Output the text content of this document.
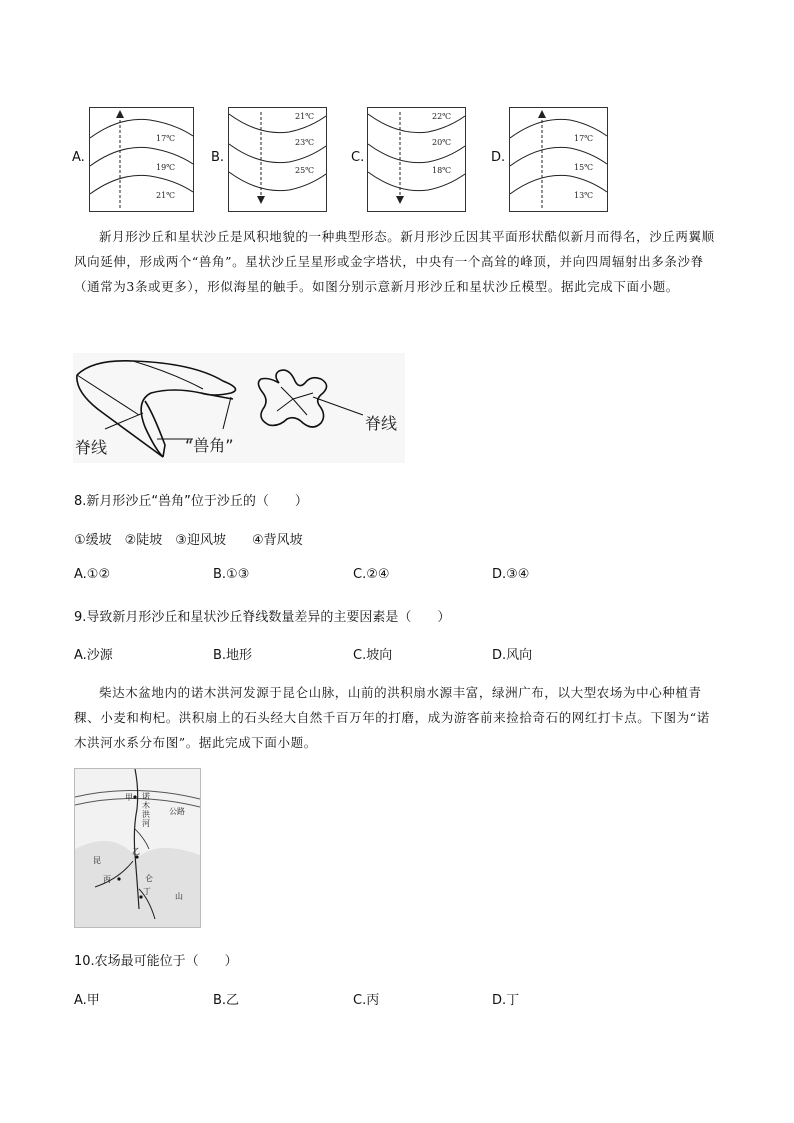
A.
17℃
19℃
21℃
B.
21℃
23℃
25℃
C.
22℃
20℃
18℃
D.
17℃
15℃
13℃

新月形沙丘和星状沙丘是风积地貌的一种典型形态。新月形沙丘因其平面形状酷似新月而得名，沙丘两翼顺风向延伸，形成两个“兽角”。星状沙丘呈星形或金字塔状，中央有一个高耸的峰顶，并向四周辐射出多条沙脊（通常为3条或更多），形似海星的触手。如图分别示意新月形沙丘和星状沙丘模型。据此完成下面小题。

脊线	“兽角”
脊线
8.新月形沙丘“兽角”位于沙丘的（　　）
①缓坡　②陡坡　③迎风坡　　④背风坡
A.①②	B.①③	C.②④	D.③④
9.导致新月形沙丘和星状沙丘脊线数量差异的主要因素是（　　）
A.沙源	B.地形	C.坡向	D.风向

柴达木盆地内的诺木洪河发源于昆仑山脉，山前的洪积扇水源丰富，绿洲广布，以大型农场为中心种植青稞、小麦和枸杞。洪积扇上的石头经大自然千百万年的打磨，成为游客前来捡拾奇石的网红打卡点。下图为“诺木洪河水系分布图”。据此完成下面小题。

公路
诺
木
洪
河
甲
乙
丙
丁
昆
仑
山
10.农场最可能位于（　　）
A.甲	B.乙	C.丙	D.丁
